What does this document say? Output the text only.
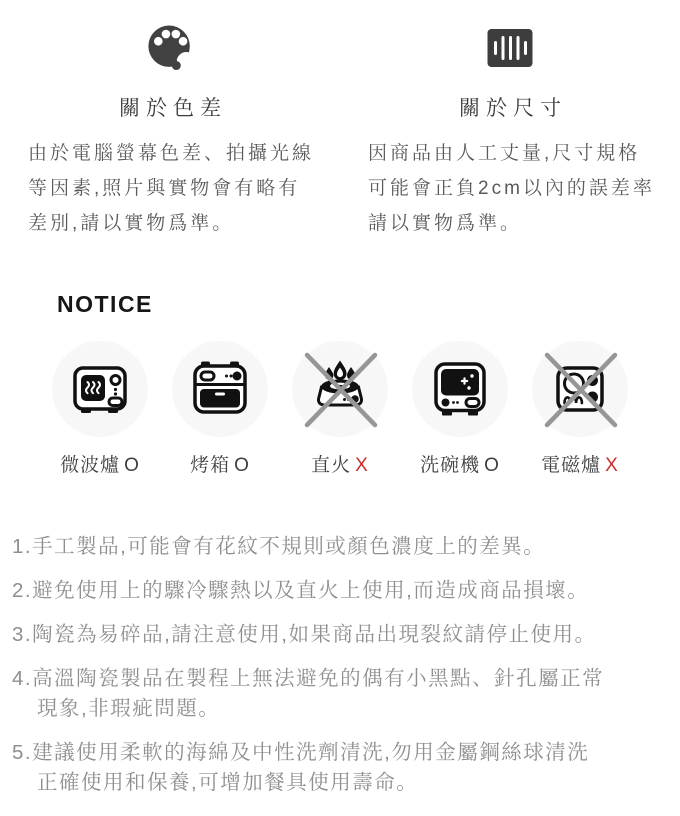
關於色差
由於電腦螢幕色差、拍攝光線
等因素,照片與實物會有略有
差別,請以實物爲準。
關於尺寸
因商品由人工丈量,尺寸規格
可能會正負2cm以內的誤差率
請以實物爲準。
NOTICE
微波爐 O	烤箱 O	直火 X	洗碗機 O	電磁爐 X
1.手工製品,可能會有花紋不規則或顏色濃度上的差異。
2.避免使用上的驟冷驟熱以及直火上使用,而造成商品損壞。
3.陶瓷為易碎品,請注意使用,如果商品出現裂紋請停止使用。
4.高溫陶瓷製品在製程上無法避免的偶有小黑點、針孔屬正常
現象,非瑕疵問題。
5.建議使用柔軟的海綿及中性洗劑清洗,勿用金屬鋼絲球清洗
正確使用和保養,可增加餐具使用壽命。
